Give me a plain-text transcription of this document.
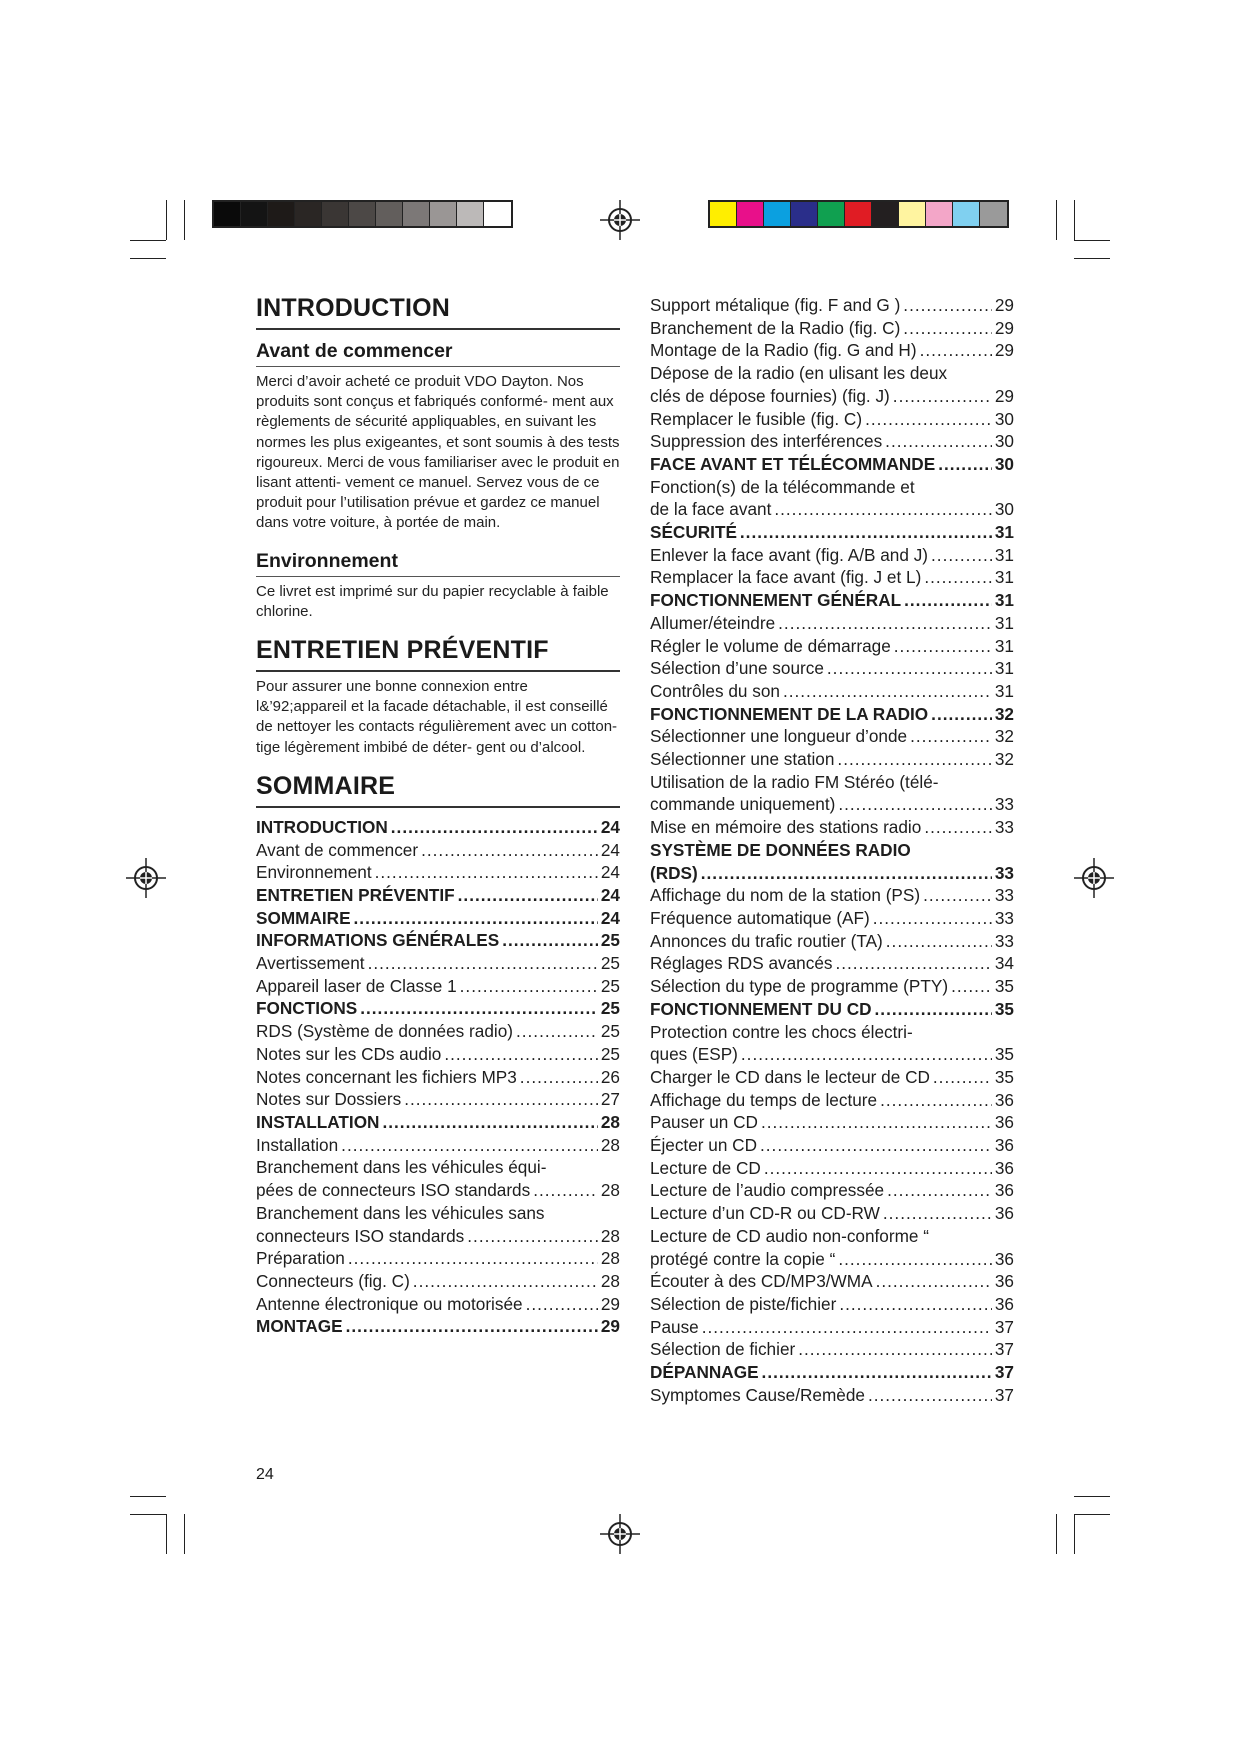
INTRODUCTION
Avant de commencer

Merci d’avoir acheté ce produit VDO Dayton. Nos produits sont conçus et fabriqués conformé- ment aux règlements de sécurité appliquables, en suivant les normes les plus exigeantes, et sont soumis à des tests rigoureux. Merci de vous familiariser avec le produit en lisant attenti- vement ce manuel. Servez vous de ce produit pour l’utilisation prévue et gardez ce manuel dans votre voiture, à portée de main.

Environnement

Ce livret est imprimé sur du papier recyclable à faible chlorine.

ENTRETIEN PRÉVENTIF

Pour assurer une bonne connexion entre l&’92;appareil et la facade détachable, il est conseillé de nettoyer les contacts régulièrement avec un cotton-tige légèrement imbibé de déter- gent ou d’alcool.

SOMMAIRE
INTRODUCTION .....	24
Avant de commencer .....	24
Environnement .....	24
ENTRETIEN PRÉVENTIF .....	24
SOMMAIRE .....	24
INFORMATIONS GÉNÉRALES .....	25
Avertissement .....	25
Appareil laser de Classe 1 .....	25
FONCTIONS .....	25
RDS (Système de données radio) .....	25
Notes sur les CDs audio .....	25
Notes concernant les fichiers MP3 .....	26
Notes sur Dossiers .....	27
INSTALLATION .....	28
Installation .....	28
Branchement dans les véhicules équi-
pées de connecteurs ISO standards .....	28
Branchement dans les véhicules sans
connecteurs ISO standards .....	28
Préparation .....	28
Connecteurs (fig. C) .....	28
Antenne électronique ou motorisée .....	29
MONTAGE .....	29
Support métalique (fig. F and G ) .....	29
Branchement de la Radio (fig. C) .....	29
Montage de la Radio (fig. G and H) .....	29
Dépose de la radio (en ulisant les deux
clés de dépose fournies) (fig. J) .....	29
Remplacer le fusible (fig. C) .....	30
Suppression des interférences .....	30
FACE AVANT ET TÉLÉCOMMANDE .....	30
Fonction(s) de la télécommande et
de la face avant .....	30
SÉCURITÉ .....	31
Enlever la face avant (fig. A/B and J) .....	31
Remplacer la face avant (fig. J et L) .....	31
FONCTIONNEMENT GÉNÉRAL .....	31
Allumer/éteindre .....	31
Régler le volume de démarrage .....	31
Sélection d’une source .....	31
Contrôles du son .....	31
FONCTIONNEMENT DE LA RADIO .....	32
Sélectionner une longueur d’onde .....	32
Sélectionner une station .....	32
Utilisation de la radio FM Stéréo (télé-
commande uniquement) .....	33
Mise en mémoire des stations radio .....	33
SYSTÈME DE DONNÉES RADIO
(RDS) .....	33
Affichage du nom de la station (PS) .....	33
Fréquence automatique (AF) .....	33
Annonces du trafic routier (TA) .....	33
Réglages RDS avancés .....	34
Sélection du type de programme (PTY) .....	35
FONCTIONNEMENT DU CD .....	35
Protection contre les chocs électri-
ques (ESP) .....	35
Charger le CD dans le lecteur de CD .....	35
Affichage du temps de lecture .....	36
Pauser un CD .....	36
Éjecter un CD .....	36
Lecture de CD .....	36
Lecture de l’audio compressée .....	36
Lecture d’un CD-R ou CD-RW .....	36
Lecture de CD audio non-conforme “
protégé contre la copie “ .....	36
Écouter à des CD/MP3/WMA .....	36
Sélection de piste/fichier .....	36
Pause .....	37
Sélection de fichier .....	37
DÉPANNAGE .....	37
Symptomes Cause/Remède .....	37
24
